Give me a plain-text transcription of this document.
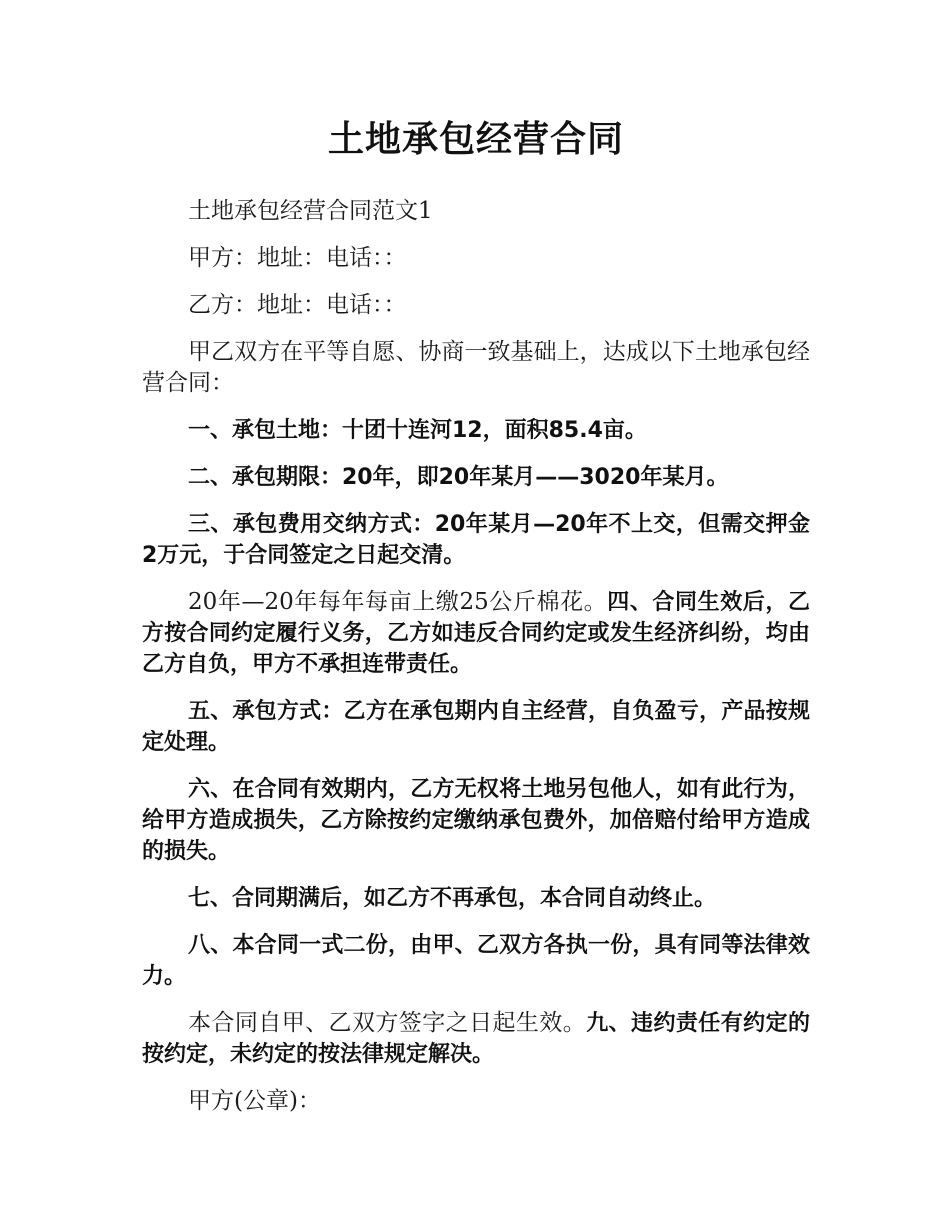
土地承包经营合同

土地承包经营合同范文1

甲方：地址：电话：：

乙方：地址：电话：：

甲乙双方在平等自愿、协商一致基础上，达成以下土地承包经营合同：

一、承包土地：十团十连河12，面积85.4亩。

二、承包期限：20年，即20年某月——3020年某月。

三、承包费用交纳方式：20年某月—20年不上交，但需交押金2万元，于合同签定之日起交清。

20年—20年每年每亩上缴25公斤棉花。四、合同生效后，乙方按合同约定履行义务，乙方如违反合同约定或发生经济纠纷，均由乙方自负，甲方不承担连带责任。

五、承包方式：乙方在承包期内自主经营，自负盈亏，产品按规定处理。

六、在合同有效期内，乙方无权将土地另包他人，如有此行为，给甲方造成损失，乙方除按约定缴纳承包费外，加倍赔付给甲方造成的损失。

七、合同期满后，如乙方不再承包，本合同自动终止。

八、本合同一式二份，由甲、乙双方各执一份，具有同等法律效力。

本合同自甲、乙双方签字之日起生效。九、违约责任有约定的按约定，未约定的按法律规定解决。

甲方(公章)：
